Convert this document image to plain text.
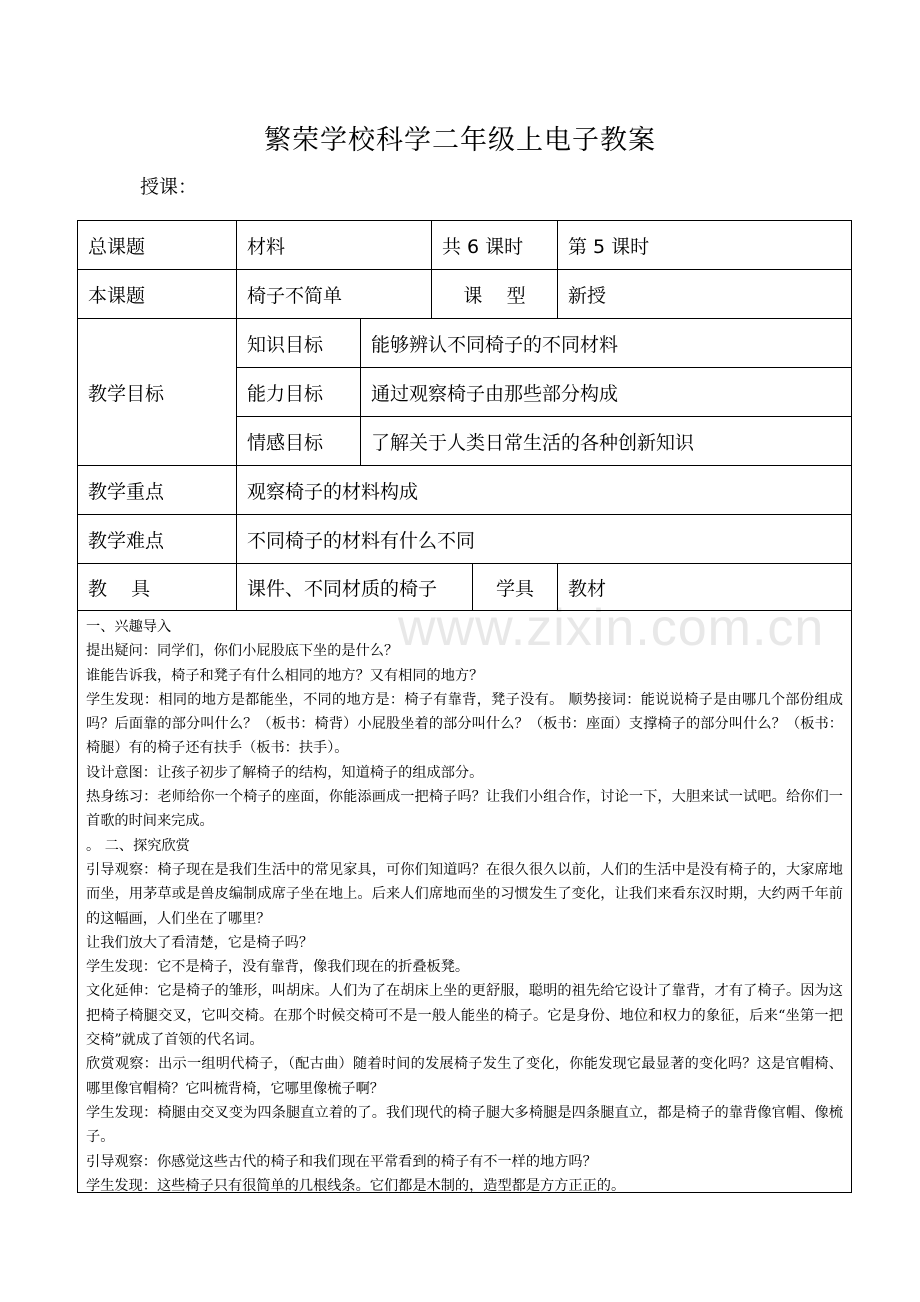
繁荣学校科学二年级上电子教案
授课：
www.zixin.com.cn
总课题	材料	共 6 课时	第 5 课时
本课题	椅子不简单	课    型	新授
教学目标
知识目标	能够辨认不同椅子的不同材料
能力目标	通过观察椅子由那些部分构成
情感目标	了解关于人类日常生活的各种创新知识
教学重点	观察椅子的材料构成
教学难点	不同椅子的材料有什么不同
教    具	课件、不同材质的椅子	学具	教材

一、兴趣导入

提出疑问：同学们，你们小屁股底下坐的是什么？

谁能告诉我，椅子和凳子有什么相同的地方？又有相同的地方？

学生发现：相同的地方是都能坐，不同的地方是：椅子有靠背，凳子没有。 顺势接词：能说说椅子是由哪几个部份组成吗？后面靠的部分叫什么？（板书：椅背）小屁股坐着的部分叫什么？（板书：座面）支撑椅子的部分叫什么？（板书：椅腿）有的椅子还有扶手（板书：扶手）。

设计意图：让孩子初步了解椅子的结构，知道椅子的组成部分。

热身练习：老师给你一个椅子的座面，你能添画成一把椅子吗？让我们小组合作，讨论一下，大胆来试一试吧。给你们一首歌的时间来完成。

。 二、探究欣赏

引导观察：椅子现在是我们生活中的常见家具，可你们知道吗？在很久很久以前，人们的生活中是没有椅子的，大家席地而坐，用茅草或是兽皮编制成席子坐在地上。后来人们席地而坐的习惯发生了变化，让我们来看东汉时期，大约两千年前的这幅画，人们坐在了哪里？

让我们放大了看清楚，它是椅子吗？

学生发现：它不是椅子，没有靠背，像我们现在的折叠板凳。

文化延伸：它是椅子的雏形，叫胡床。人们为了在胡床上坐的更舒服，聪明的祖先给它设计了靠背，才有了椅子。因为这把椅子椅腿交叉，它叫交椅。在那个时候交椅可不是一般人能坐的椅子。它是身份、地位和权力的象征，后来“坐第一把交椅”就成了首领的代名词。

欣赏观察：出示一组明代椅子，（配古曲）随着时间的发展椅子发生了变化，你能发现它最显著的变化吗？这是官帽椅、哪里像官帽椅？它叫梳背椅，它哪里像梳子啊？

学生发现：椅腿由交叉变为四条腿直立着的了。我们现代的椅子腿大多椅腿是四条腿直立，都是椅子的靠背像官帽、像梳子。

引导观察：你感觉这些古代的椅子和我们现在平常看到的椅子有不一样的地方吗？

学生发现：这些椅子只有很简单的几根线条。它们都是木制的，造型都是方方正正的。
